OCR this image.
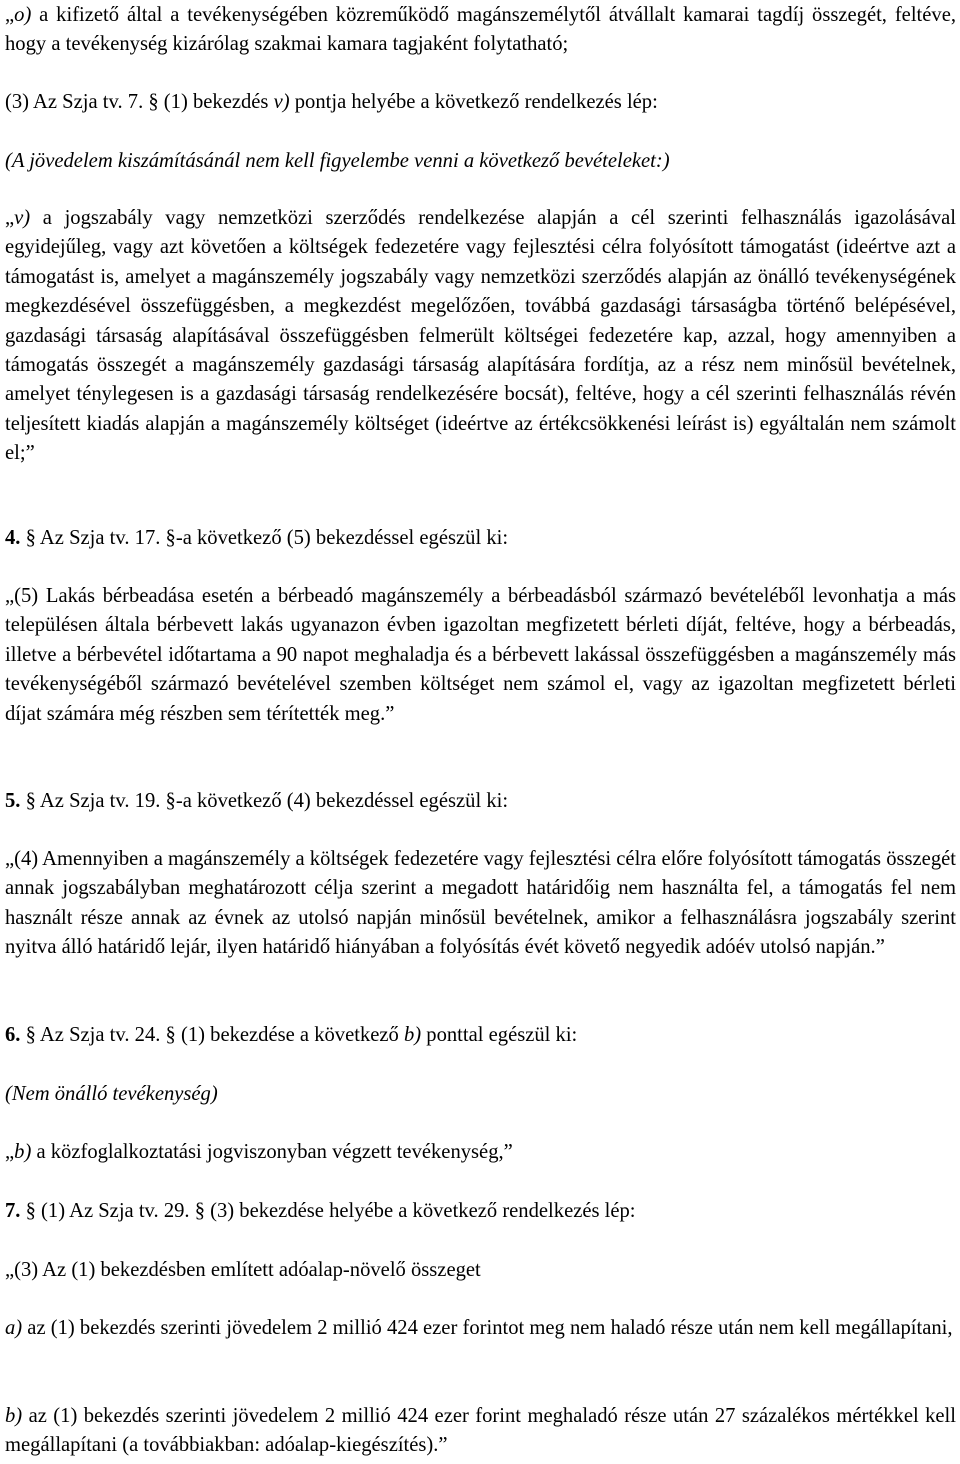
„o) a kifizető által a tevékenységében közreműködő magánszemélytől átvállalt kamarai tagdíj összegét, feltéve, hogy a tevékenység kizárólag szakmai kamara tagjaként folytatható;

(3) Az Szja tv. 7. § (1) bekezdés v) pontja helyébe a következő rendelkezés lép:

(A jövedelem kiszámításánál nem kell figyelembe venni a következő bevételeket:)

„v) a jogszabály vagy nemzetközi szerződés rendelkezése alapján a cél szerinti felhasználás igazolásával egyidejűleg, vagy azt követően a költségek fedezetére vagy fejlesztési célra folyósított támogatást (ideértve azt a támogatást is, amelyet a magánszemély jogszabály vagy nemzetközi szerződés alapján az önálló tevékenységének megkezdésével összefüggésben, a megkezdést megelőzően, továbbá gazdasági társaságba történő belépésével, gazdasági társaság alapításával összefüggésben felmerült költségei fedezetére kap, azzal, hogy amennyiben a támogatás összegét a magánszemély gazdasági társaság alapítására fordítja, az a rész nem minősül bevételnek, amelyet ténylegesen is a gazdasági társaság rendelkezésére bocsát), feltéve, hogy a cél szerinti felhasználás révén teljesített kiadás alapján a magánszemély költséget (ideértve az értékcsökkenési leírást is) egyáltalán nem számolt el;”

4. § Az Szja tv. 17. §-a következő (5) bekezdéssel egészül ki:

„(5) Lakás bérbeadása esetén a bérbeadó magánszemély a bérbeadásból származó bevételéből levonhatja a más településen általa bérbevett lakás ugyanazon évben igazoltan megfizetett bérleti díját, feltéve, hogy a bérbeadás, illetve a bérbevétel időtartama a 90 napot meghaladja és a bérbevett lakással összefüggésben a magánszemély más tevékenységéből származó bevételével szemben költséget nem számol el, vagy az igazoltan megfizetett bérleti díjat számára még részben sem térítették meg.”

5. § Az Szja tv. 19. §-a következő (4) bekezdéssel egészül ki:

„(4) Amennyiben a magánszemély a költségek fedezetére vagy fejlesztési célra előre folyósított támogatás összegét annak jogszabályban meghatározott célja szerint a megadott határidőig nem használta fel, a támogatás fel nem használt része annak az évnek az utolsó napján minősül bevételnek, amikor a felhasználásra jogszabály szerint nyitva álló határidő lejár, ilyen határidő hiányában a folyósítás évét követő negyedik adóév utolsó napján.”

6. § Az Szja tv. 24. § (1) bekezdése a következő b) ponttal egészül ki:

(Nem önálló tevékenység)

„b) a közfoglalkoztatási jogviszonyban végzett tevékenység,”

7. § (1) Az Szja tv. 29. § (3) bekezdése helyébe a következő rendelkezés lép:

„(3) Az (1) bekezdésben említett adóalap-növelő összeget

a) az (1) bekezdés szerinti jövedelem 2 millió 424 ezer forintot meg nem haladó része után nem kell megállapítani,

b) az (1) bekezdés szerinti jövedelem 2 millió 424 ezer forint meghaladó része után 27 százalékos mértékkel kell megállapítani (a továbbiakban: adóalap-kiegészítés).”
